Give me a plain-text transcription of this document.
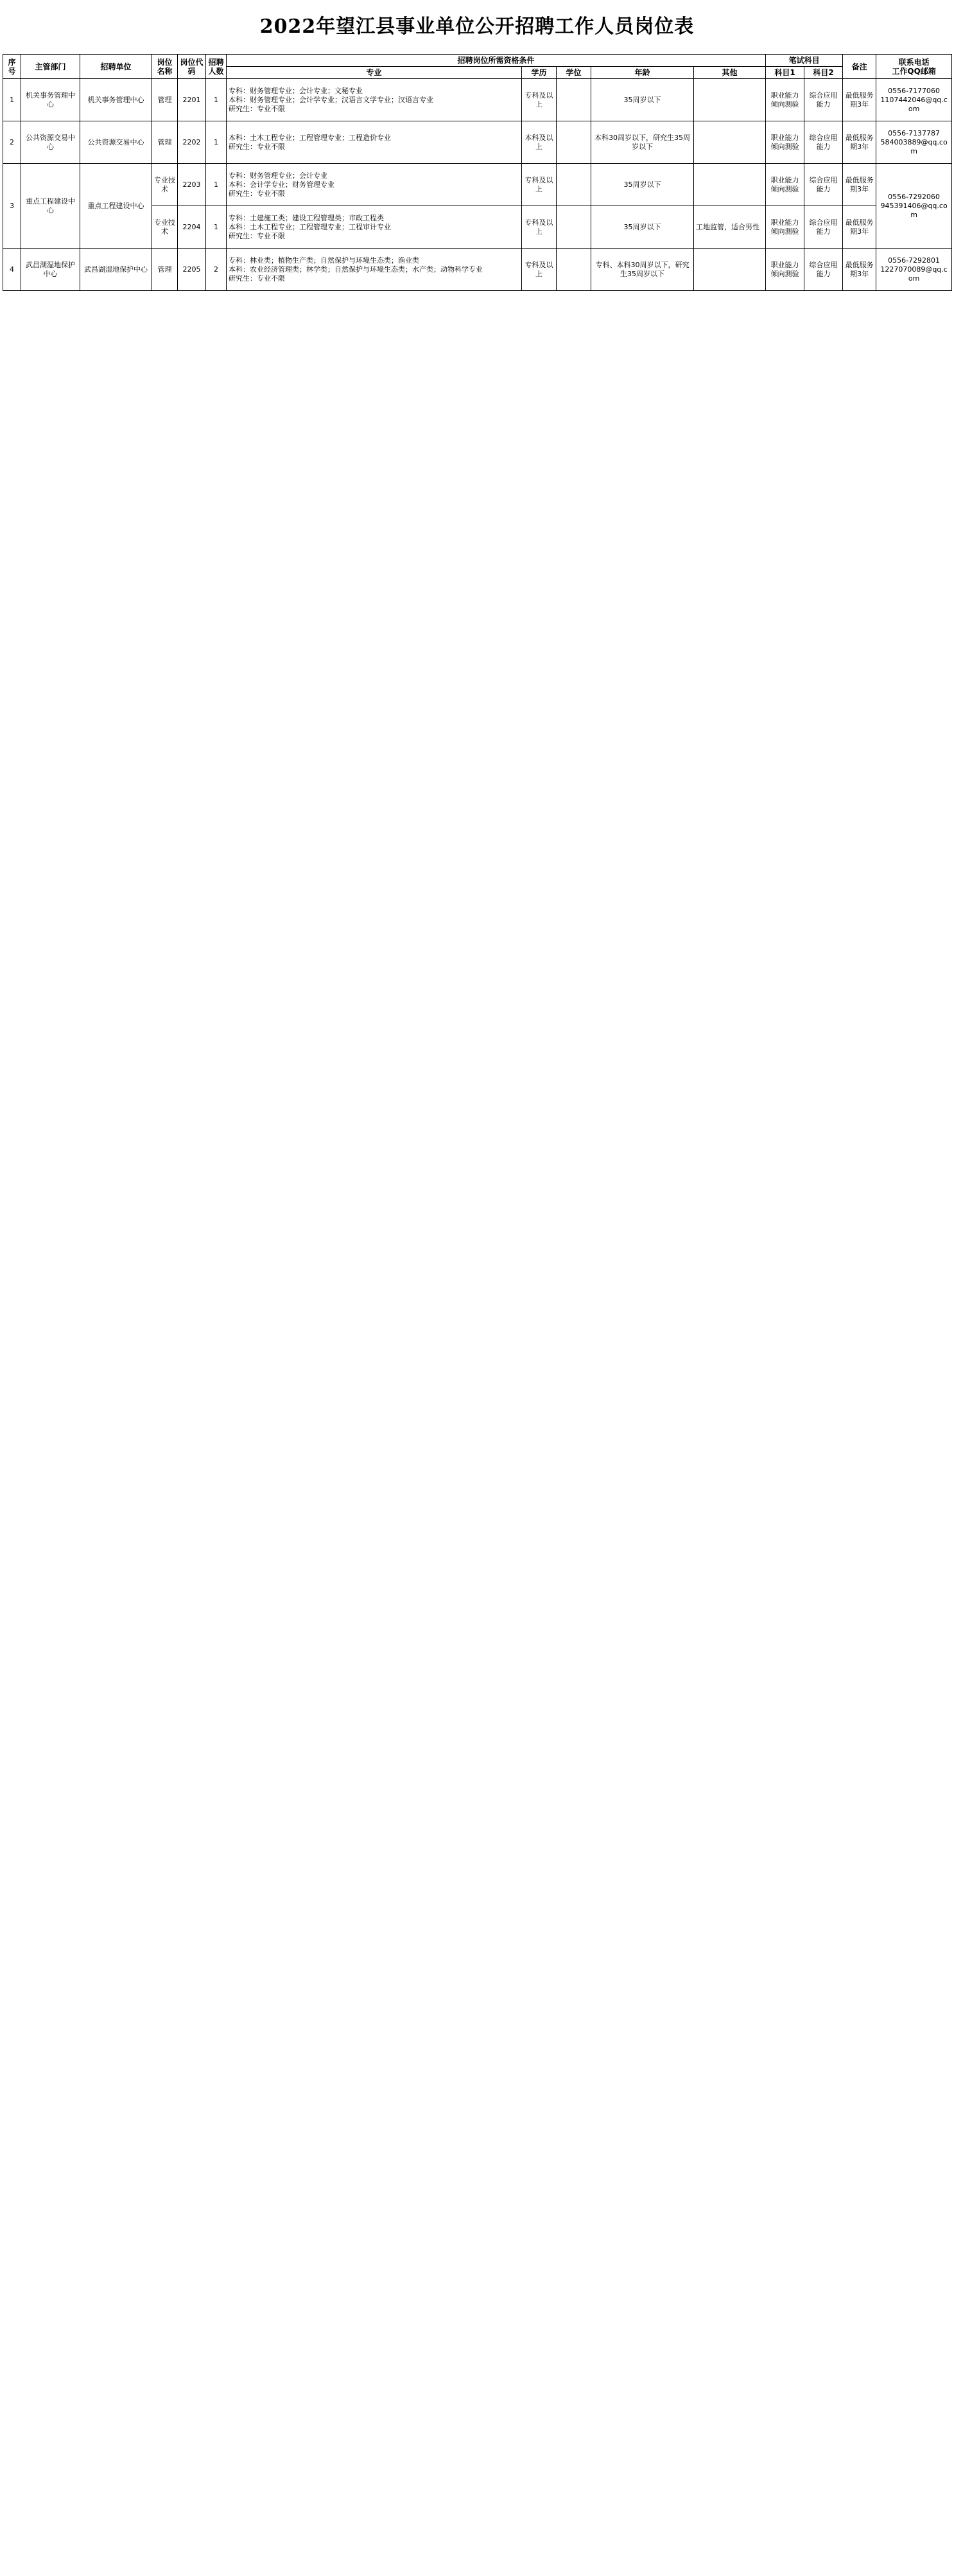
2022年望江县事业单位公开招聘工作人员岗位表
序号	主管部门	招聘单位	岗位名称	岗位代码	招聘人数	招聘岗位所需资格条件					笔试科目		备注	联系电话
工作QQ邮箱
						专业	学历	学位	年龄	其他	科目1	科目2		
1	机关事务管理中心	机关事务管理中心	管理	2201	1	专科：财务管理专业；会计专业；文秘专业
本科：财务管理专业；会计学专业；汉语言文学专业；汉语言专业
研究生：专业不限	专科及以上		35周岁以下		职业能力倾向测验	综合应用能力	最低服务期3年	0556-7177060
1107442046@qq.com
2	公共资源交易中心	公共资源交易中心	管理	2202	1	本科：土木工程专业；工程管理专业；工程造价专业
研究生：专业不限	本科及以上		本科30周岁以下，研究生35周岁以下		职业能力倾向测验	综合应用能力	最低服务期3年	0556-7137787
584003889@qq.com
3	重点工程建设中心	重点工程建设中心	专业技术	2203	1	专科：财务管理专业；会计专业
本科：会计学专业；财务管理专业
研究生：专业不限	专科及以上		35周岁以下		职业能力倾向测验	综合应用能力	最低服务期3年	0556-7292060
945391406@qq.com
			专业技术	2204	1	专科：土建施工类；建设工程管理类；市政工程类
本科：土木工程专业；工程管理专业；工程审计专业
研究生：专业不限	专科及以上		35周岁以下	工地监管，适合男性	职业能力倾向测验	综合应用能力	最低服务期3年	
4	武昌湖湿地保护中心	武昌湖湿地保护中心	管理	2205	2	专科：林业类；植物生产类；自然保护与环境生态类；渔业类
本科：农业经济管理类；林学类；自然保护与环境生态类；水产类；动物科学专业
研究生：专业不限	专科及以上		专科、本科30周岁以下，研究生35周岁以下		职业能力倾向测验	综合应用能力	最低服务期3年	0556-7292801
1227070089@qq.com
